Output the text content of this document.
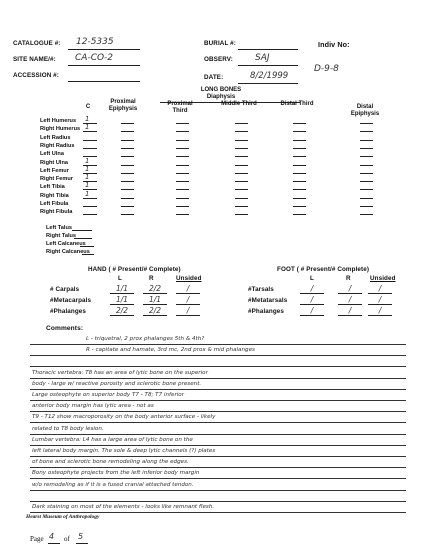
CATALOGUE #: 12-5335
SITE NAME/#: CA-CO-2
ACCESSION #:
BURIAL #:
OBSERV: SAJ
DATE:	8/2/1999
Indiv No:
D-9-8
LONG BONES
Diaphysis
C
Proximal Epiphysis
Proximal Third
Middle Third	Distal Third	Distal Epiphysis
Left Humerus 1
Right Humerus 1
Left Radius
Right Radius
Left Ulna
Right Ulna 1
Left Femur 1
Right Femur 1
Left Tibia	1
Right Tibia 1
Left Fibula
Right Fibula
Left Talus
Right Talus
Left Calcaneus
Right Calcaneus
HAND ( # Present/# Complete)
L	R	Unsided
# Carpals	1/1	2/2	/
#Metacarpals	1/1	1/1	/
#Phalanges	2/2	2/2	/
FOOT ( # Present/# Complete)
L	R	Unsided
#Tarsals	/	/	/
#Metatarsals	/	/	/
#Phalanges	/	/	/
Comments:
L - triquetral, 2 prox phalanges 5th & 4th?
R - capitate and hamate, 3rd mc, 2nd prox & mid phalanges
Thoracic vertebra: T8 has an area of lytic bone on the superior
body - large w/ reactive porosity and sclerotic bone present.
Large osteophyte on superior body T7 - T8; T7 inferior
anterior body margin has lytic area - not as
T9 - T12 show macroporosity on the body anterior surface - likely
related to T8 body lesion.
Lumbar vertebra: L4 has a large area of lytic bone on the
left lateral body margin. The sole & deep lytic channels (?) plates
of bone and sclerotic bone remodeling along the edges.
Bony osteophyte projects from the left inferior body margin
w/o remodeling as if it is a fused cranial attached tendon.
Dark staining on most of the elements - looks like remnant flesh.
Hearst Museum of Anthropology
Page 4 of 5
